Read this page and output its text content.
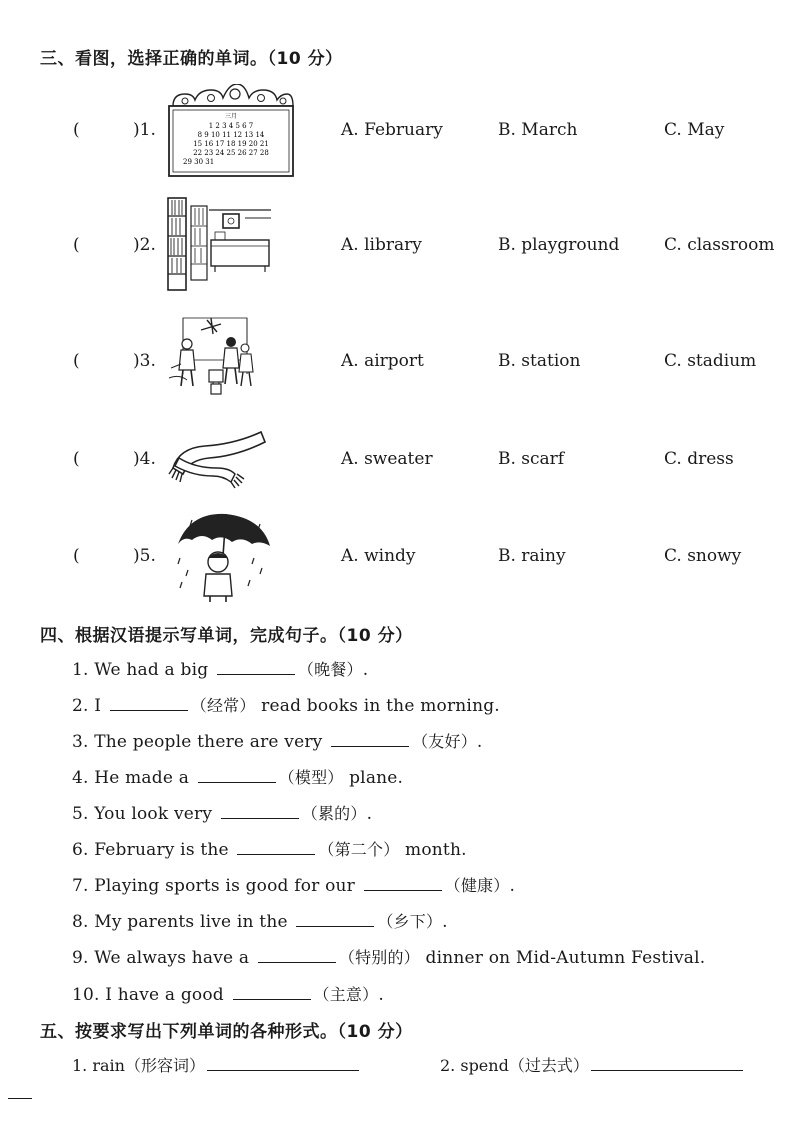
三、看图，选择正确的单词。（10 分）
(	)1.	A. February	B. March	C. May
三月
1 2 3 4 5 6 7
8 9 10 11 12 13 14
15 16 17 18 19 20 21
22 23 24 25 26 27 28
29 30 31
(	)2.	A. library	B. playground	C. classroom
(	)3.	A. airport	B. station	C. stadium
(	)4.	A. sweater	B. scarf	C. dress
(	)5.	A. windy	B. rainy	C. snowy
四、根据汉语提示写单词，完成句子。（10 分）
1. We had a big	（晚餐）.
2. I	（经常） read books in the morning.
3. The people there are very	（友好）.
4. He made a	（模型） plane.
5. You look very	（累的）.
6. February is the	（第二个） month.
7. Playing sports is good for our	（健康）.
8. My parents live in the	（乡下）.
9. We always have a	（特别的） dinner on Mid-Autumn Festival.
10. I have a good	（主意）.
五、按要求写出下列单词的各种形式。（10 分）
1. rain（形容词）	2. spend（过去式）
